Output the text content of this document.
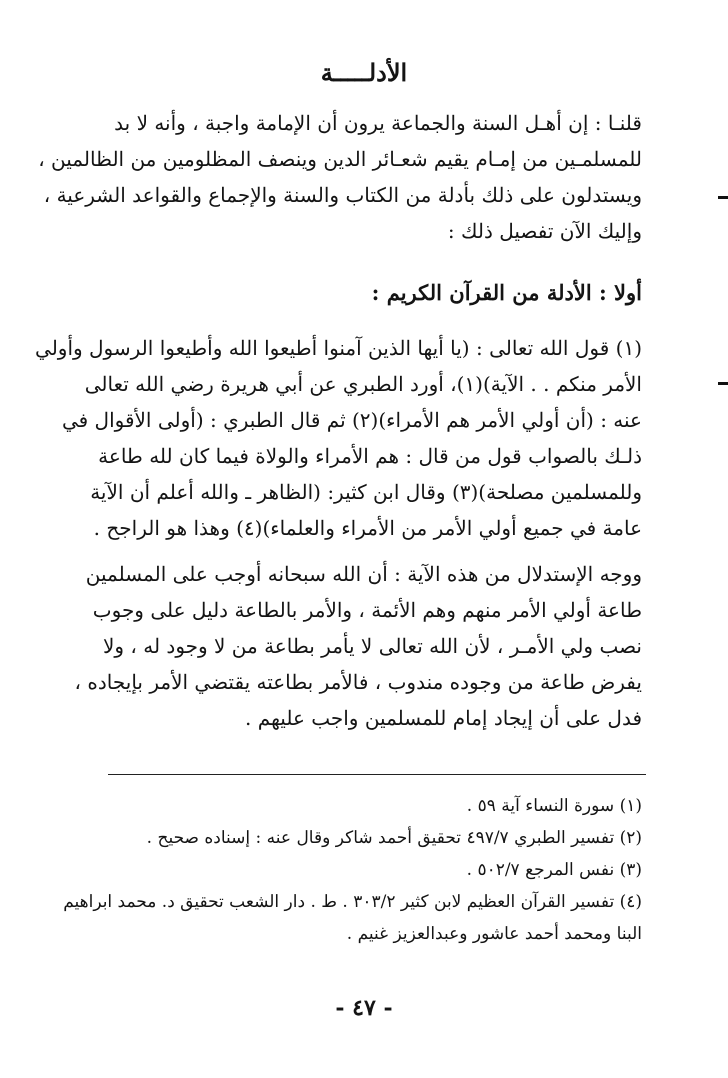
الأدلـــــة
قلنـا : إن أهـل السنة والجماعة يرون أن الإمامة واجبة ، وأنه لا بد
للمسلمـين من إمـام يقيم شعـائر الدين وينصف المظلومين من الظالمين ،
ويستدلون على ذلك بأدلة من الكتاب والسنة والإجماع والقواعد الشرعية ،
وإليك الآن تفصيل ذلك :
أولا : الأدلة من القرآن الكريم :
(١) قول الله تعالى : (يا أيها الذين آمنوا أطيعوا الله وأطيعوا الرسول وأولي
الأمر منكم . . الآية)(١)، أورد الطبري عن أبي هريرة رضي الله تعالى
عنه : (أن أولي الأمر هم الأمراء)(٢) ثم قال الطبري : (أولى الأقوال في
ذلـك بالصواب قول من قال : هم الأمراء والولاة فيما كان لله طاعة
وللمسلمين مصلحة)(٣) وقال ابن كثير: (الظاهر ـ والله أعلم أن الآية
عامة في جميع أولي الأمر من الأمراء والعلماء)(٤) وهذا هو الراجح .
ووجه الإستدلال من هذه الآية : أن الله سبحانه أوجب على المسلمين
طاعة أولي الأمر منهم وهم الأئمة ، والأمر بالطاعة دليل على وجوب
نصب ولي الأمـر ، لأن الله تعالى لا يأمر بطاعة من لا وجود له ، ولا
يفرض طاعة من وجوده مندوب ، فالأمر بطاعته يقتضي الأمر بإيجاده ،
فدل على أن إيجاد إمام للمسلمين واجب عليهم .
(١) سورة النساء آية ٥٩ .
(٢) تفسير الطبري ٤٩٧/٧ تحقيق أحمد شاكر وقال عنه : إسناده صحيح .
(٣) نفس المرجع ٥٠٢/٧ .
(٤) تفسير القرآن العظيم لابن كثير ٣٠٣/٢ . ط . دار الشعب تحقيق د. محمد ابراهيم
البنا ومحمد أحمد عاشور وعبدالعزيز غنيم .
- ٤٧ -
